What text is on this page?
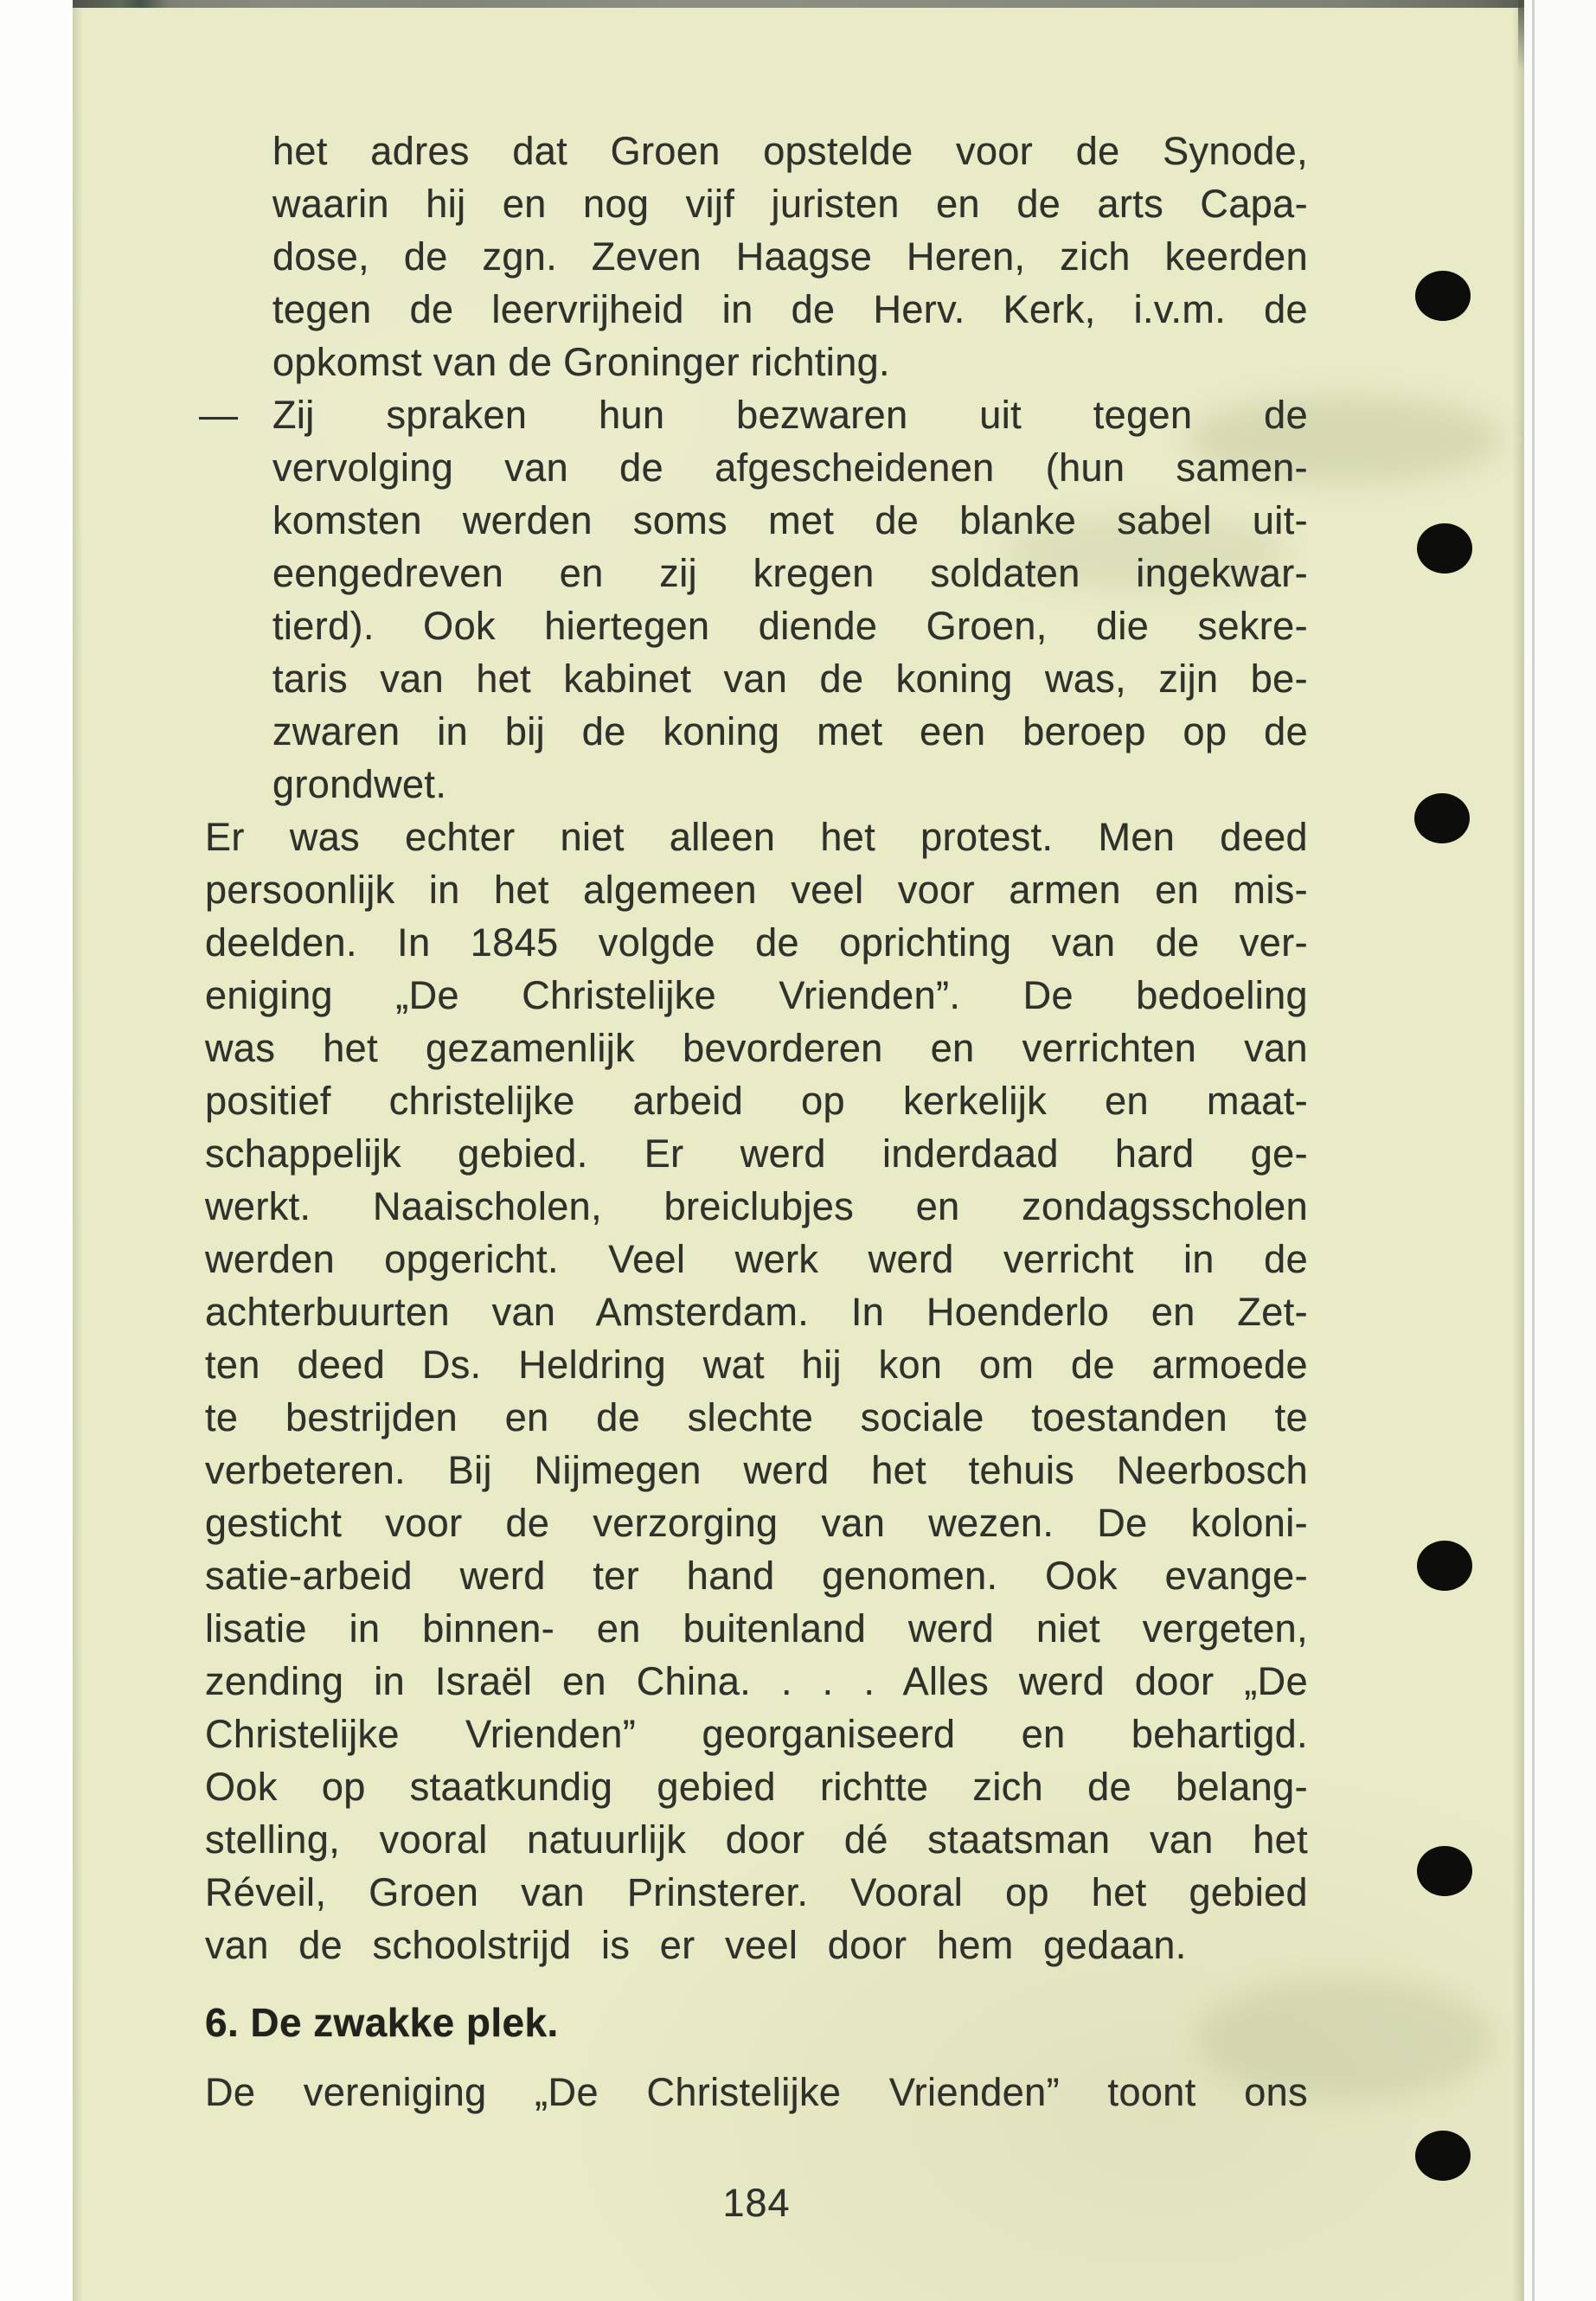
het adres dat Groen opstelde voor de Synode,
waarin hij en nog vijf juristen en de arts Capa-
dose, de zgn. Zeven Haagse Heren, zich keerden
tegen de leervrijheid in de Herv. Kerk, i.v.m. de
opkomst van de Groninger richting.
Zij spraken hun bezwaren uit tegen de
—
vervolging van de afgescheidenen (hun samen-
komsten werden soms met de blanke sabel uit-
eengedreven en zij kregen soldaten ingekwar-
tierd). Ook hiertegen diende Groen, die sekre-
taris van het kabinet van de koning was, zijn be-
zwaren in bij de koning met een beroep op de
grondwet.
Er was echter niet alleen het protest. Men deed
persoonlijk in het algemeen veel voor armen en mis-
deelden. In 1845 volgde de oprichting van de ver-
eniging „De Christelijke Vrienden”. De bedoeling
was het gezamenlijk bevorderen en verrichten van
positief christelijke arbeid op kerkelijk en maat-
schappelijk gebied. Er werd inderdaad hard ge-
werkt. Naaischolen, breiclubjes en zondagsscholen
werden opgericht. Veel werk werd verricht in de
achterbuurten van Amsterdam. In Hoenderlo en Zet-
ten deed Ds. Heldring wat hij kon om de armoede
te bestrijden en de slechte sociale toestanden te
verbeteren. Bij Nijmegen werd het tehuis Neerbosch
gesticht voor de verzorging van wezen. De koloni-
satie-arbeid werd ter hand genomen. Ook evange-
lisatie in binnen- en buitenland werd niet vergeten,
zending in Israël en China. . . . Alles werd door „De
Christelijke Vrienden” georganiseerd en behartigd.
Ook op staatkundig gebied richtte zich de belang-
stelling, vooral natuurlijk door dé staatsman van het
Réveil, Groen van Prinsterer. Vooral op het gebied
van de schoolstrijd is er veel door hem gedaan.
6. De zwakke plek.
De vereniging „De Christelijke Vrienden” toont ons
184
